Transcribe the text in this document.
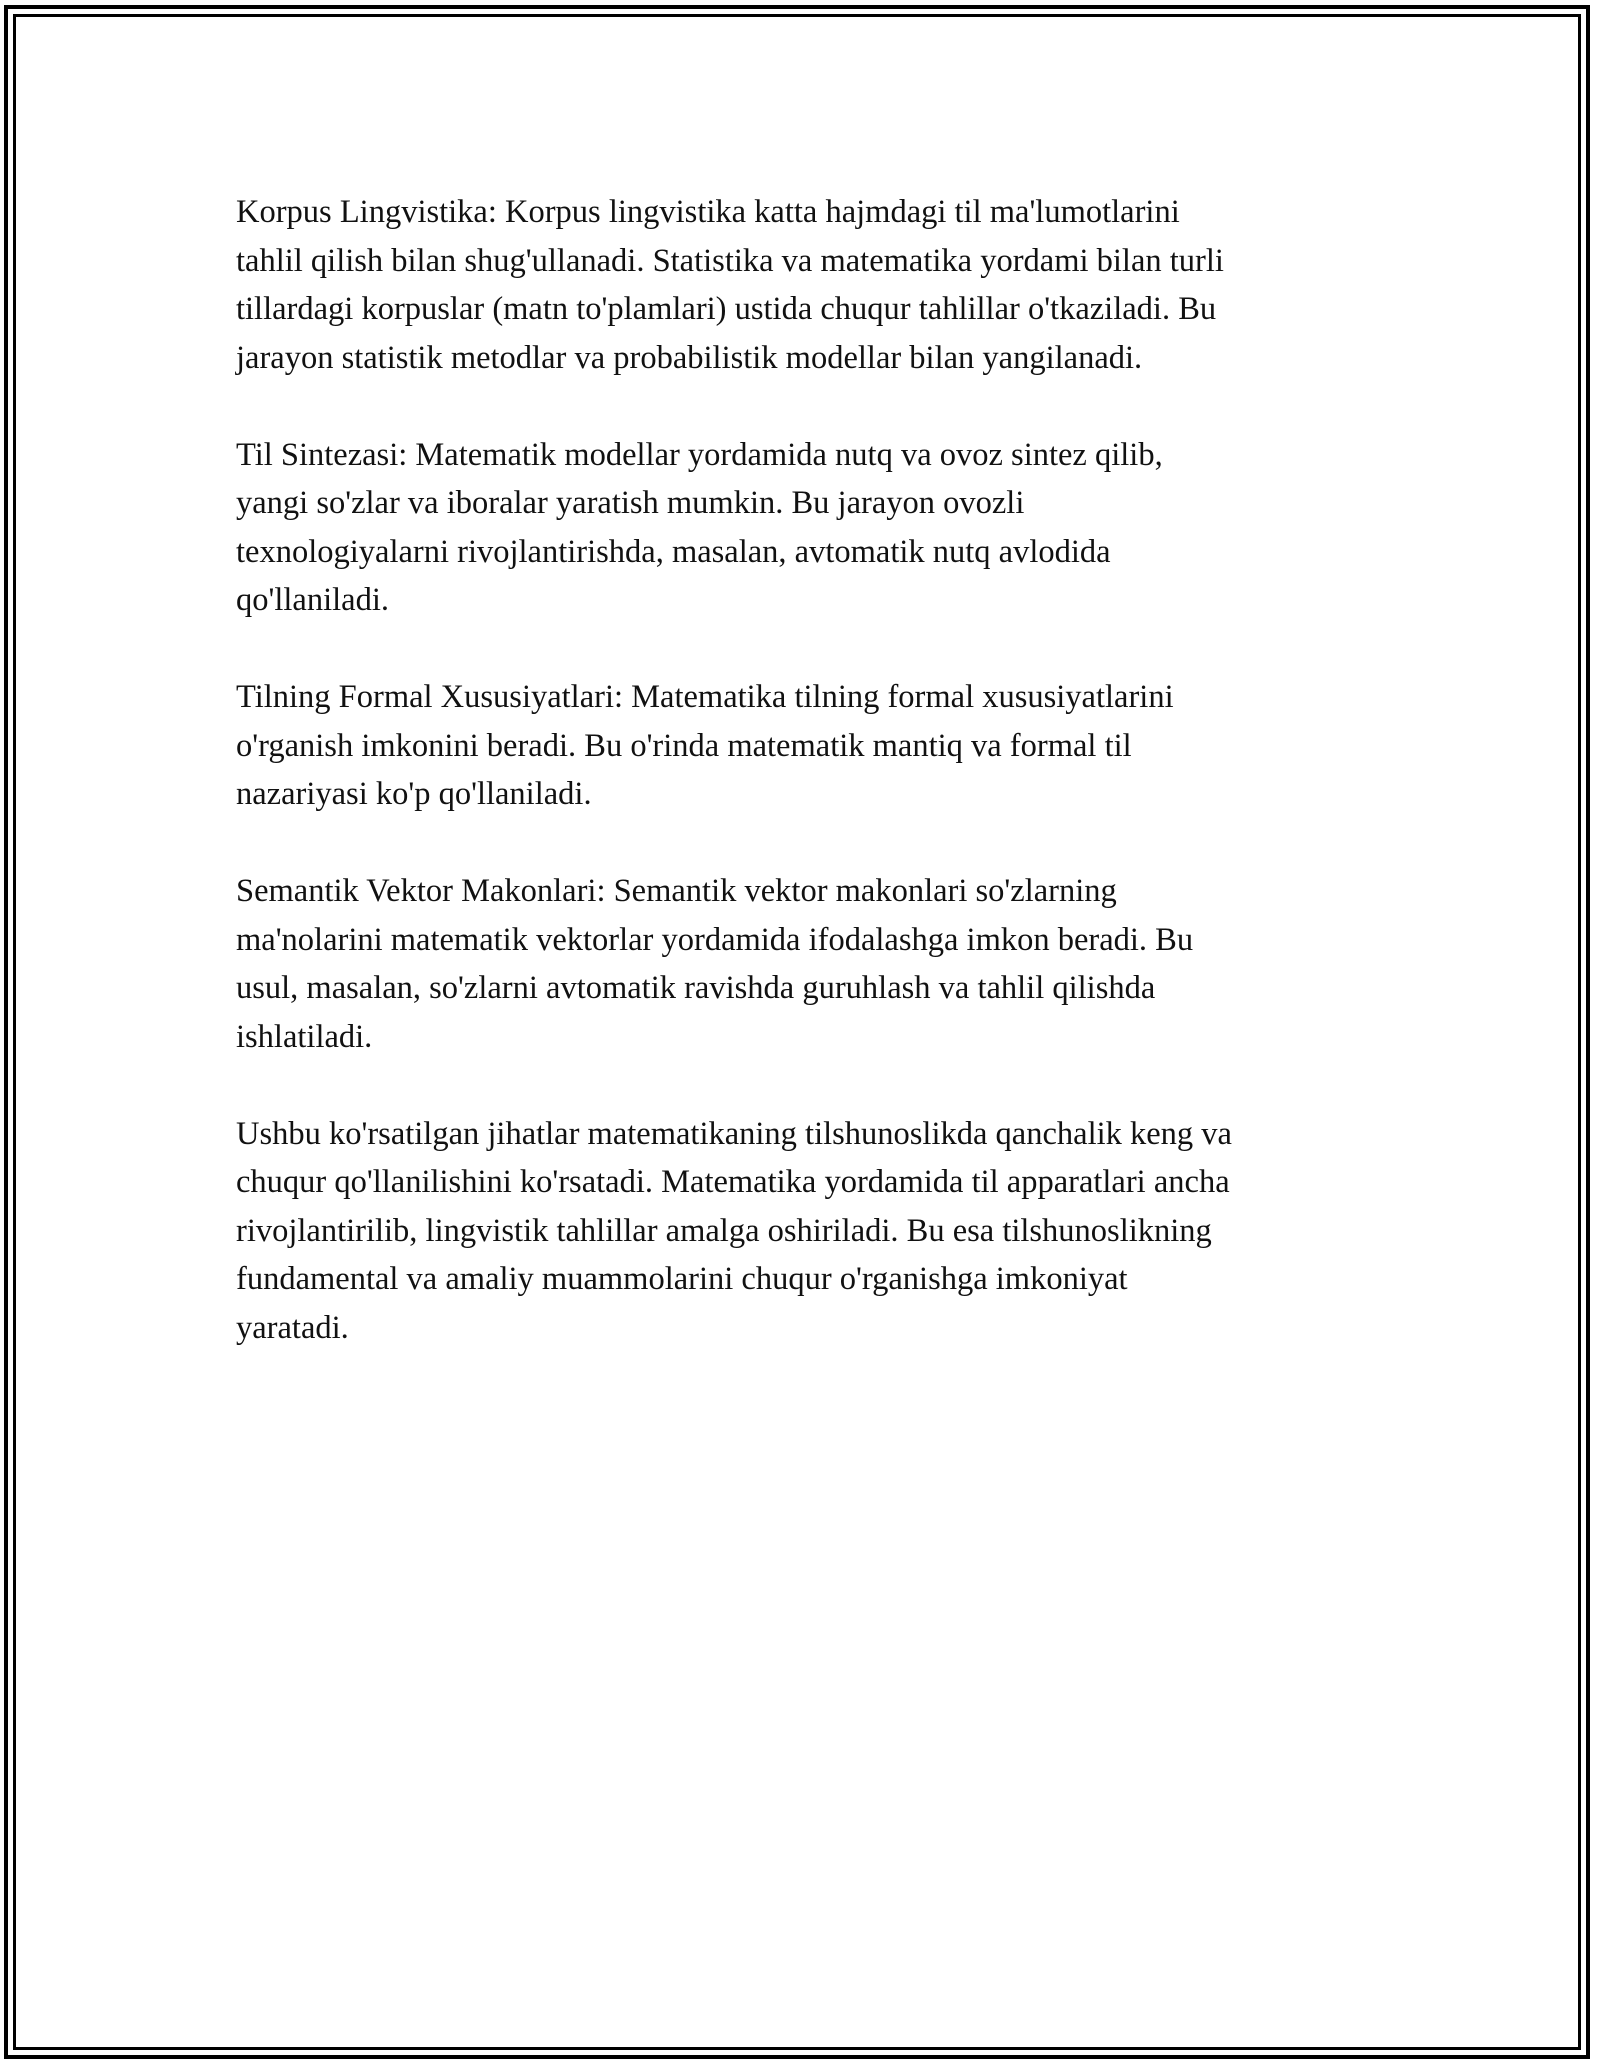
Korpus Lingvistika: Korpus lingvistika katta hajmdagi til ma'lumotlarini
tahlil qilish bilan shug'ullanadi. Statistika va matematika yordami bilan turli
tillardagi korpuslar (matn to'plamlari) ustida chuqur tahlillar o'tkaziladi. Bu
jarayon statistik metodlar va probabilistik modellar bilan yangilanadi.

Til Sintezasi: Matematik modellar yordamida nutq va ovoz sintez qilib,
yangi so'zlar va iboralar yaratish mumkin. Bu jarayon ovozli
texnologiyalarni rivojlantirishda, masalan, avtomatik nutq avlodida
qo'llaniladi.

Tilning Formal Xususiyatlari: Matematika tilning formal xususiyatlarini
o'rganish imkonini beradi. Bu o'rinda matematik mantiq va formal til
nazariyasi ko'p qo'llaniladi.

Semantik Vektor Makonlari: Semantik vektor makonlari so'zlarning
ma'nolarini matematik vektorlar yordamida ifodalashga imkon beradi. Bu
usul, masalan, so'zlarni avtomatik ravishda guruhlash va tahlil qilishda
ishlatiladi.

Ushbu ko'rsatilgan jihatlar matematikaning tilshunoslikda qanchalik keng va
chuqur qo'llanilishini ko'rsatadi. Matematika yordamida til apparatlari ancha
rivojlantirilib, lingvistik tahlillar amalga oshiriladi. Bu esa tilshunoslikning
fundamental va amaliy muammolarini chuqur o'rganishga imkoniyat
yaratadi.
